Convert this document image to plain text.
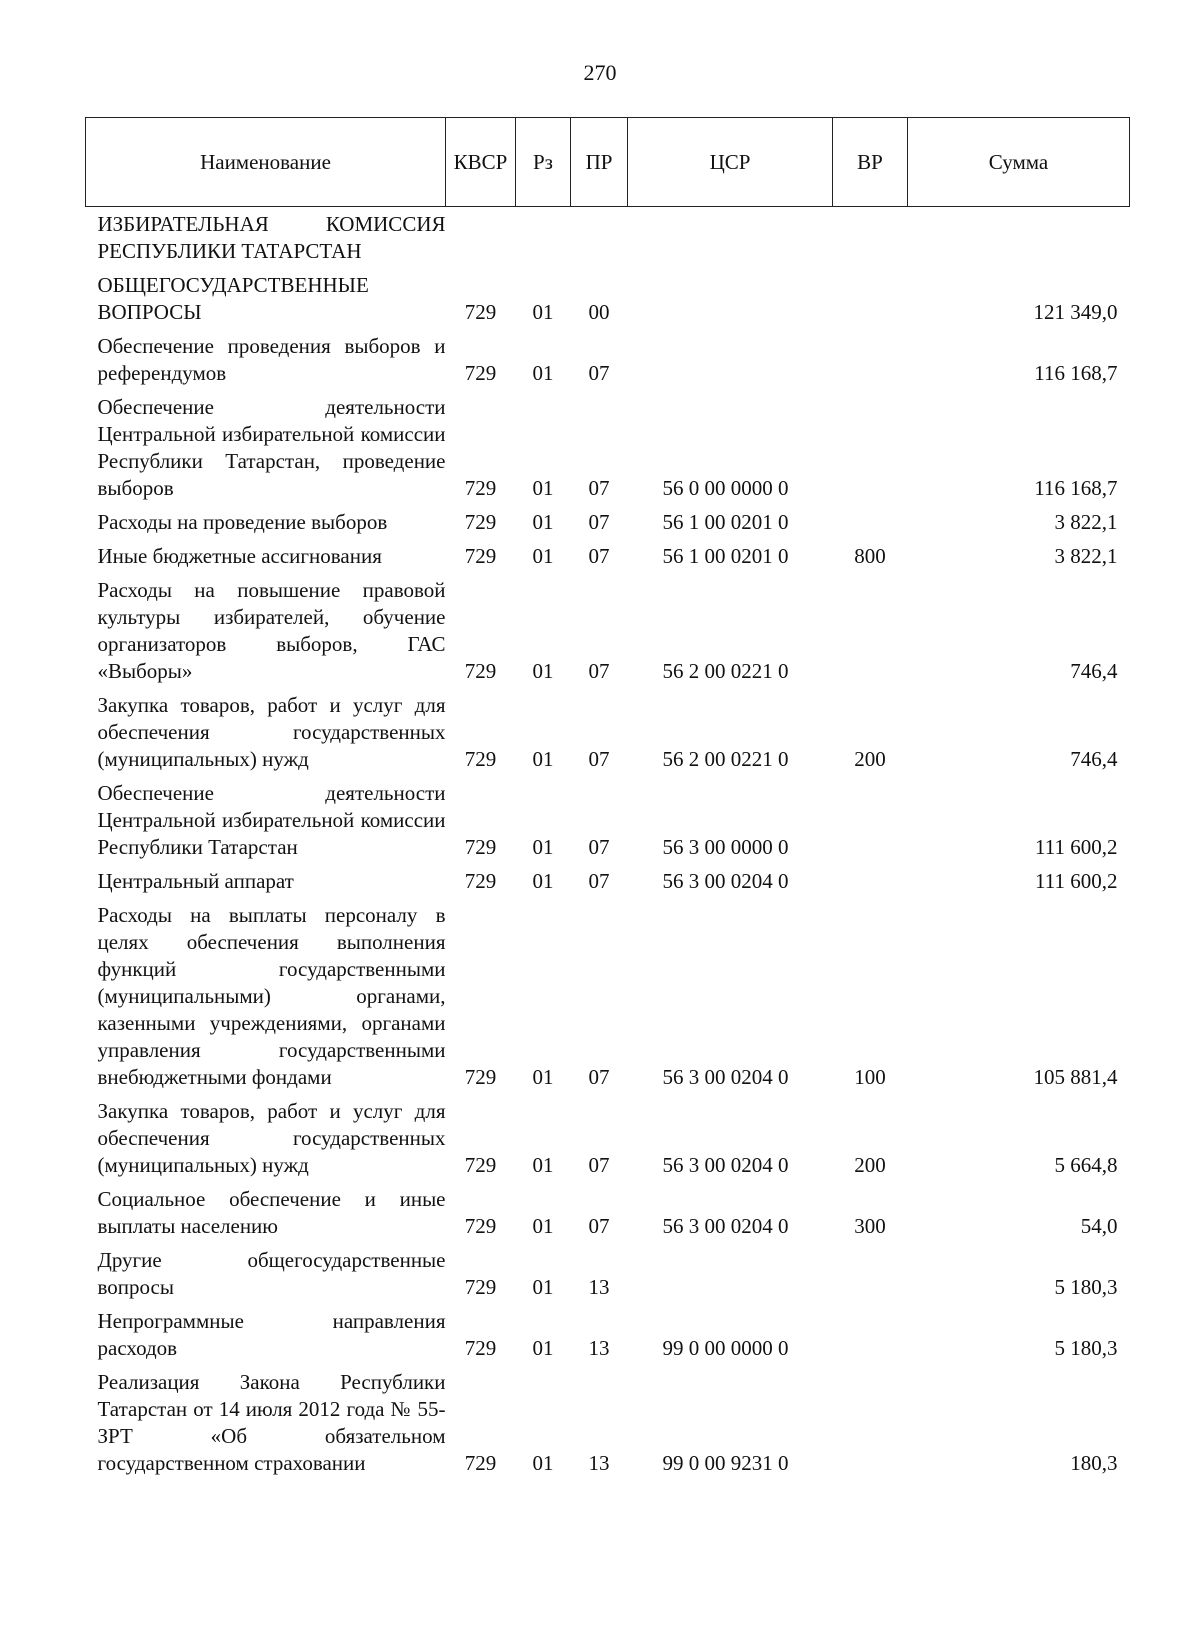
270
Наименование	КВСР	Рз	ПР	ЦСР	ВР	Сумма
ИЗБИРАТЕЛЬНАЯ КОМИССИЯ РЕСПУБЛИКИ ТАТАРСТАН						
ОБЩЕГОСУДАРСТВЕННЫЕ ВОПРОСЫ	729	01	00			121 349,0
Обеспечение проведения выборов и референдумов	729	01	07			116 168,7
Обеспечение деятельности Центральной избирательной комиссии Республики Татарстан, проведение выборов	729	01	07	56 0 00 0000 0		116 168,7
Расходы на проведение выборов	729	01	07	56 1 00 0201 0		3 822,1
Иные бюджетные ассигнования	729	01	07	56 1 00 0201 0	800	3 822,1
Расходы на повышение правовой культуры избирателей, обучение организаторов выборов, ГАС «Выборы»	729	01	07	56 2 00 0221 0		746,4
Закупка товаров, работ и услуг для обеспечения государственных (муниципальных) нужд	729	01	07	56 2 00 0221 0	200	746,4
Обеспечение деятельности Центральной избирательной комиссии Республики Татарстан	729	01	07	56 3 00 0000 0		111 600,2
Центральный аппарат	729	01	07	56 3 00 0204 0		111 600,2
Расходы на выплаты персоналу в целях обеспечения выполнения функций государственными (муниципальными) органами, казенными учреждениями, органами управления государственными внебюджетными фондами	729	01	07	56 3 00 0204 0	100	105 881,4
Закупка товаров, работ и услуг для обеспечения государственных (муниципальных) нужд	729	01	07	56 3 00 0204 0	200	5 664,8
Социальное обеспечение и иные выплаты населению	729	01	07	56 3 00 0204 0	300	54,0
Другие общегосударственные вопросы	729	01	13			5 180,3
Непрограммные направления расходов	729	01	13	99 0 00 0000 0		5 180,3
Реализация Закона Республики Татарстан от 14 июля 2012 года № 55-ЗРТ «Об обязательном государственном страховании	729	01	13	99 0 00 9231 0		180,3
